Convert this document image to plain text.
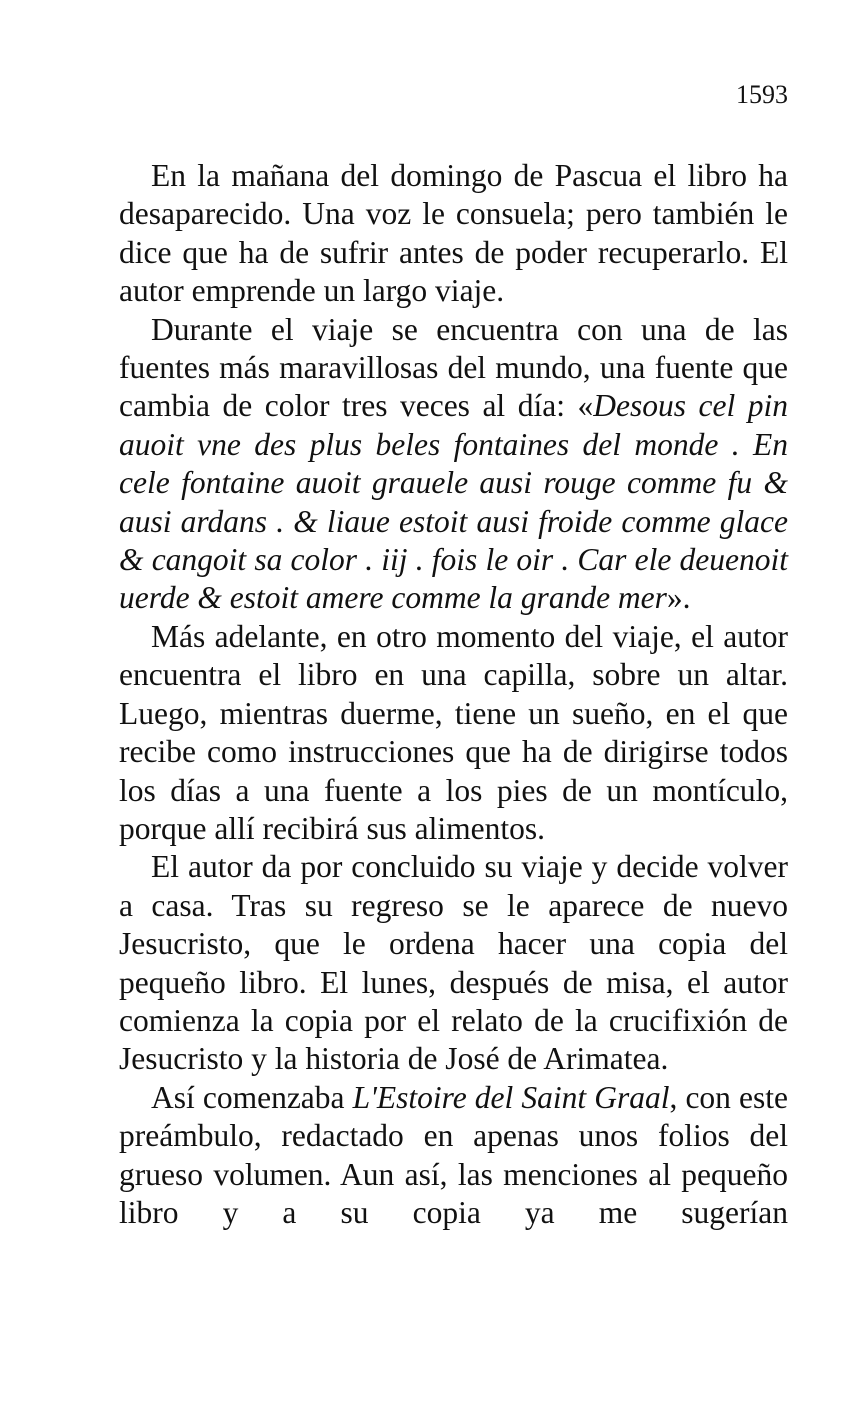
1593

En la mañana del domingo de Pascua el libro ha desaparecido. Una voz le consuela; pero también le dice que ha de sufrir antes de poder recuperarlo. El autor emprende un largo viaje.

Durante el viaje se encuentra con una de las fuentes más maravillosas del mundo, una fuente que cambia de color tres veces al día: «Desous cel pin auoit vne des plus beles fontaines del monde . En cele fontaine auoit grauele ausi rouge comme fu & ausi ardans . & liaue estoit ausi froide comme glace & cangoit sa color . iij . fois le oir . Car ele deuenoit uerde & estoit amere comme la grande mer».

Más adelante, en otro momento del viaje, el autor encuentra el libro en una capilla, sobre un altar. Luego, mientras duerme, tiene un sueño, en el que recibe como instrucciones que ha de dirigirse todos los días a una fuente a los pies de un montículo, porque allí recibirá sus alimentos.

El autor da por concluido su viaje y decide volver a casa. Tras su regreso se le aparece de nuevo Jesucristo, que le ordena hacer una copia del pequeño libro. El lunes, después de misa, el autor comienza la copia por el relato de la crucifixión de Jesucristo y la historia de José de Arimatea.

Así comenzaba L'Estoire del Saint Graal, con este preámbulo, redactado en apenas unos folios del grueso volumen. Aun así, las menciones al pequeño libro y a su copia ya me sugerían
